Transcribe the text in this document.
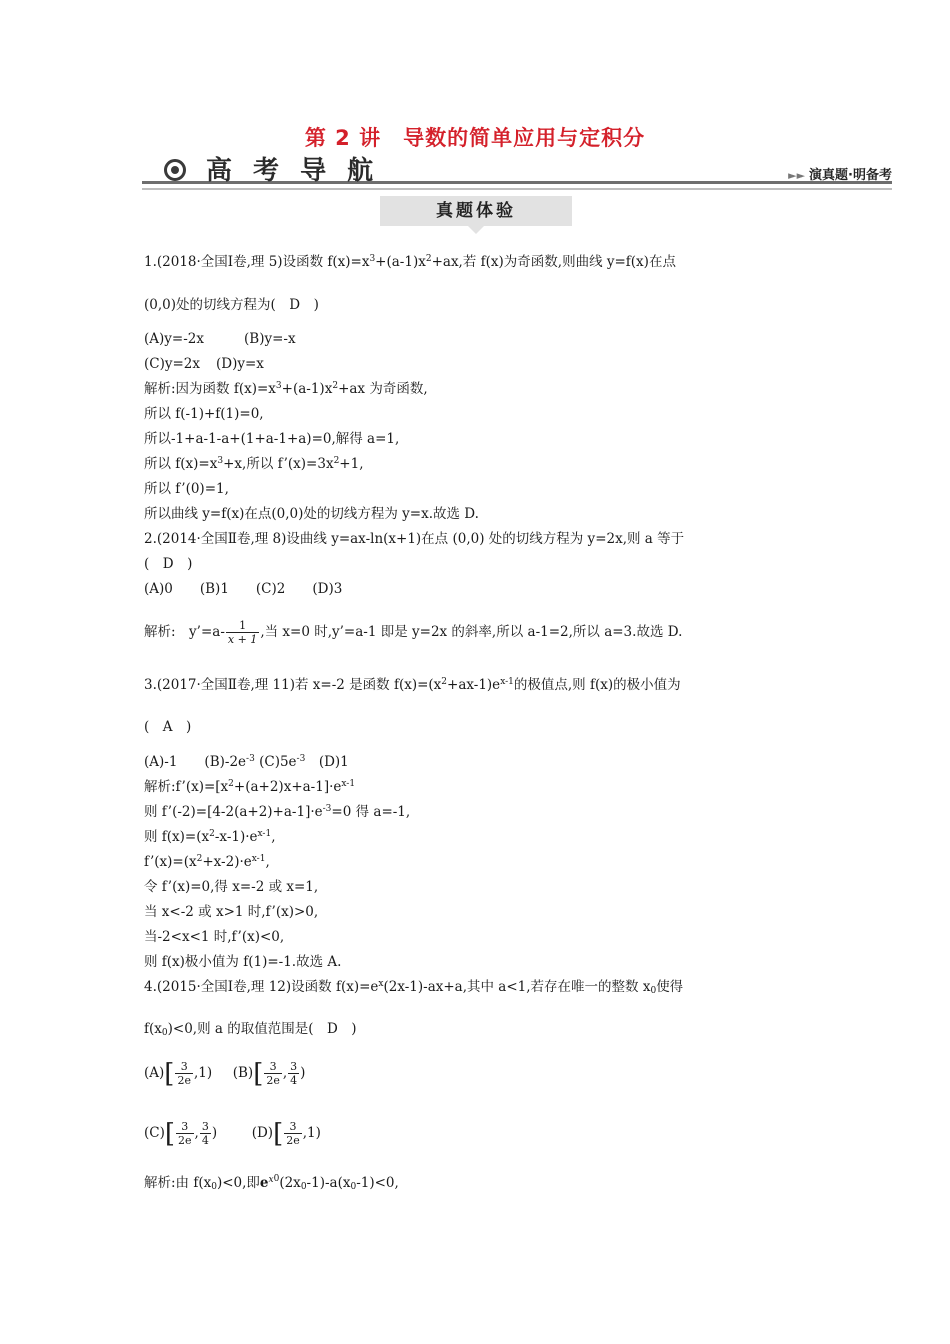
第 2 讲　导数的简单应用与定积分
高 考 导 航	►► 演真题·明备考
真题体验
1.(2018·全国Ⅰ卷,理 5)设函数 $f(x)=x^3+(a-1)x^2+ax$,若 f(x)为奇函数,则曲线 y=f(x)在点
(0,0)处的切线方程为(　D　)
(A)y=-2x	(B)y=-x
(C)y=2x (D)y=x
解析:因为函数 $f(x)=x^3+(a-1)x^2+ax$ 为奇函数,
所以 f(-1)+f(1)=0,
所以-1+a-1-a+(1+a-1+a)=0,解得 a=1,
所以 $f(x)=x^3+x$,所以 $f’(x)=3x^2+1$,
所以 f’(0)=1,
所以曲线 y=f(x)在点(0,0)处的切线方程为 y=x.故选 D.
2.(2014·全国Ⅱ卷,理 8)设曲线 y=ax-ln(x+1)在点 (0,0) 处的切线方程为 y=2x,则 a 等于
(　D　)
(A)0　　(B)1　　(C)2　　(D)3
解析:　y’=a- $\frac{1}{x + 1}$ ,当 x=0 时,y’=a-1 即是 y=2x 的斜率,所以 a-1=2,所以 a=3.故选 D.
3.(2017·全国Ⅱ卷,理 11)若 x=-2 是函数 $f(x)=(x^2+ax-1)e^{x-1}$的极值点,则 f(x)的极小值为
(　A　)
(A)-1　　$(B)-2e^{-3}$ $(C)5e^{-3}$　(D)1
解析$:f’(x)=[x^2+(a+2)x+a-1]\cdot e^{x-1}$
则 $f’(-2)=[4-2(a+2)+a-1]\cdot e^{-3}=0$ 得 a=-1,
则 $f(x)=(x^2-x-1)\cdot e^{x-1}$,
$f’(x)=(x^2+x-2)\cdot e^{x-1}$,
令 f’(x)=0,得 x=-2 或 x=1,
当 x<-2 或 x>1 时,f’(x)>0,
当-2<x<1 时,f’(x)<0,
则 f(x)极小值为 f(1)=-1.故选 A.
4.(2015·全国Ⅰ卷,理 12)设函数 $f(x)=e^x(2x-1)-ax+a$,其中 a<1,若存在唯一的整数 $x_0$使得
$f(x_0)<0$,则 a 的取值范围是(　D　)
$(A)[ \frac{3}{2e} ,1)$ $(B)[ \frac{3}{2e}$ , $\frac{3}{4}$ )
$(C)[ \frac{3}{2e}$ , $\frac{3}{4}$ )	$(D)[ \frac{3}{2e} ,1)$
解析:由 $f(x_0)<0$,即$e^x_0(2x_0-1)-a(x_0-1)<0$,
